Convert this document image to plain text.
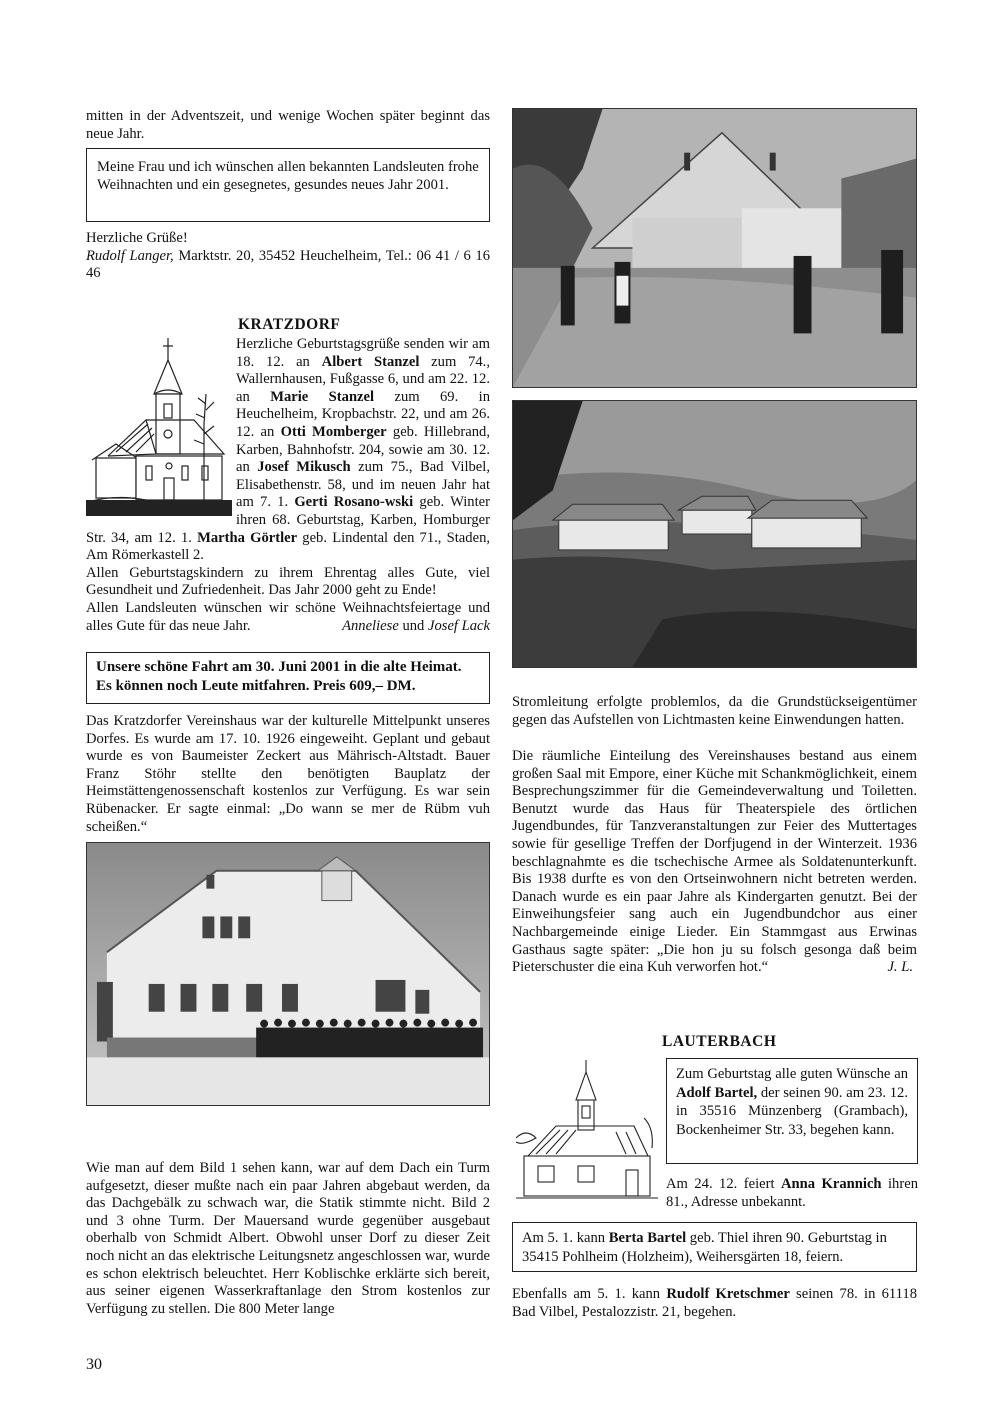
mitten in der Adventszeit, und wenige Wochen später beginnt das neue Jahr.
Meine Frau und ich wünschen allen bekannten Landsleuten frohe Weihnachten und ein gesegnetes, gesundes neues Jahr 2001.

Herzliche Grüße!

Rudolf Langer, Marktstr. 20, 35452 Heuchelheim, Tel.: 06 41 / 6 16 46

KRATZDORF
Herzliche Geburtstagsgrüße senden wir am 18. 12. an Albert Stanzel zum 74., Wallernhausen, Fußgasse 6, und am 22. 12. an Marie Stanzel zum 69. in Heuchelheim, Kropbachstr. 22, und am 26. 12. an Otti Momberger geb. Hillebrand, Karben, Bahnhofstr. 204, sowie am 30. 12. an Josef Mikusch zum 75., Bad Vilbel, Elisabethenstr. 58, und im neuen Jahr hat am 7. 1. Gerti Rosano-wski geb. Winter ihren 68. Geburtstag, Karben, Homburger Str. 34, am 12. 1. Martha Görtler geb. Lindental den 71., Staden, Am Römerkastell 2.

Allen Geburtstagskindern zu ihrem Ehrentag alles Gute, viel Gesundheit und Zufriedenheit. Das Jahr 2000 geht zu Ende!

Allen Landsleuten wünschen wir schöne Weihnachtsfeiertage und alles Gute für das neue Jahr.	Anneliese und Josef Lack

Unsere schöne Fahrt am 30. Juni 2001 in die alte Heimat.
Es können noch Leute mitfahren. Preis 609,– DM.
Das Kratzdorfer Vereinshaus war der kulturelle Mittelpunkt unseres Dorfes. Es wurde am 17. 10. 1926 eingeweiht. Geplant und gebaut wurde es von Baumeister Zeckert aus Mährisch-Altstadt. Bauer Franz Stöhr stellte den benötigten Bauplatz der Heimstättengenossenschaft kostenlos zur Verfügung. Es war sein Rübenacker. Er sagte einmal: „Do wann se mer de Rübm vuh scheißen.“
Wie man auf dem Bild 1 sehen kann, war auf dem Dach ein Turm aufgesetzt, dieser mußte nach ein paar Jahren abgebaut werden, da das Dachgebälk zu schwach war, die Statik stimmte nicht. Bild 2 und 3 ohne Turm. Der Mauersand wurde gegenüber ausgebaut oberhalb von Schmidt Albert. Obwohl unser Dorf zu dieser Zeit noch nicht an das elektrische Leitungsnetz angeschlossen war, wurde es schon elektrisch beleuchtet. Herr Koblischke erklärte sich bereit, aus seiner eigenen Wasserkraftanlage den Strom kostenlos zur Verfügung zu stellen. Die 800 Meter lange
Stromleitung erfolgte problemlos, da die Grundstückseigentümer gegen das Aufstellen von Lichtmasten keine Einwendungen hatten.
Die räumliche Einteilung des Vereinshauses bestand aus einem großen Saal mit Empore, einer Küche mit Schankmöglichkeit, einem Besprechungszimmer für die Gemeindeverwaltung und Toiletten. Benutzt wurde das Haus für Theaterspiele des örtlichen Jugendbundes, für Tanzveranstaltungen zur Feier des Muttertages sowie für gesellige Treffen der Dorfjugend in der Winterzeit. 1936 beschlagnahmte es die tschechische Armee als Soldatenunterkunft. Bis 1938 durfte es von den Ortseinwohnern nicht betreten werden. Danach wurde es ein paar Jahre als Kindergarten genutzt. Bei der Einweihungsfeier sang auch ein Jugendbundchor aus einer Nachbargemeinde einige Lieder. Ein Stammgast aus Erwinas Gasthaus sagte später: „Die hon ju su folsch gesonga daß beim Pieterschuster die eina Kuh verworfen hot.“	J. L.
LAUTERBACH
Zum Geburtstag alle guten Wünsche an Adolf Bartel, der seinen 90. am 23. 12. in 35516 Münzenberg (Grambach), Bockenheimer Str. 33, begehen kann.
Am 24. 12. feiert Anna Krannich ihren 81., Adresse unbekannt.
Am 5. 1. kann Berta Bartel geb. Thiel ihren 90. Geburtstag in 35415 Pohlheim (Holzheim), Weihersgärten 18, feiern.
Ebenfalls am 5. 1. kann Rudolf Kretschmer seinen 78. in 61118 Bad Vilbel, Pestalozzistr. 21, begehen.
30
